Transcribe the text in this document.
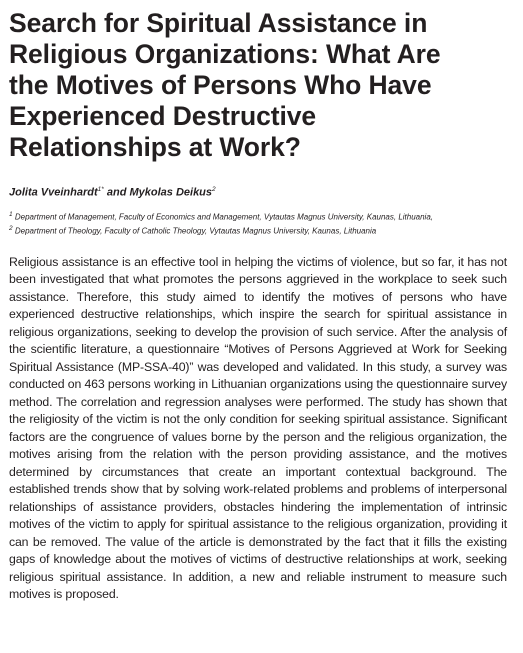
Search for Spiritual Assistance in
Religious Organizations: What Are
the Motives of Persons Who Have
Experienced Destructive
Relationships at Work?
Jolita Vveinhardt$^{1*}$ and Mykolas Deikus$^2$
$^1$ Department of Management, Faculty of Economics and Management, Vytautas Magnus University, Kaunas, Lithuania,
$^2$ Department of Theology, Faculty of Catholic Theology, Vytautas Magnus University, Kaunas, Lithuania

Religious assistance is an effective tool in helping the victims of violence, but so far, it has not been investigated that what promotes the persons aggrieved in the workplace to seek such assistance. Therefore, this study aimed to identify the motives of persons who have experienced destructive relationships, which inspire the search for spiritual assistance in religious organizations, seeking to develop the provision of such service. After the analysis of the scientific literature, a questionnaire “Motives of Persons Aggrieved at Work for Seeking Spiritual Assistance (MP-SSA-40)” was developed and validated. In this study, a survey was conducted on 463 persons working in Lithuanian organizations using the questionnaire survey method. The correlation and regression analyses were performed. The study has shown that the religiosity of the victim is not the only condition for seeking spiritual assistance. Significant factors are the congruence of values borne by the person and the religious organization, the motives arising from the relation with the person providing assistance, and the motives determined by circumstances that create an important contextual background. The established trends show that by solving work-related problems and problems of interpersonal relationships of assistance providers, obstacles hindering the implementation of intrinsic motives of the victim to apply for spiritual assistance to the religious organization, providing it can be removed. The value of the article is demonstrated by the fact that it fills the existing gaps of knowledge about the motives of victims of destructive relationships at work, seeking religious spiritual assistance. In addition, a new and reliable instrument to measure such motives is proposed.
